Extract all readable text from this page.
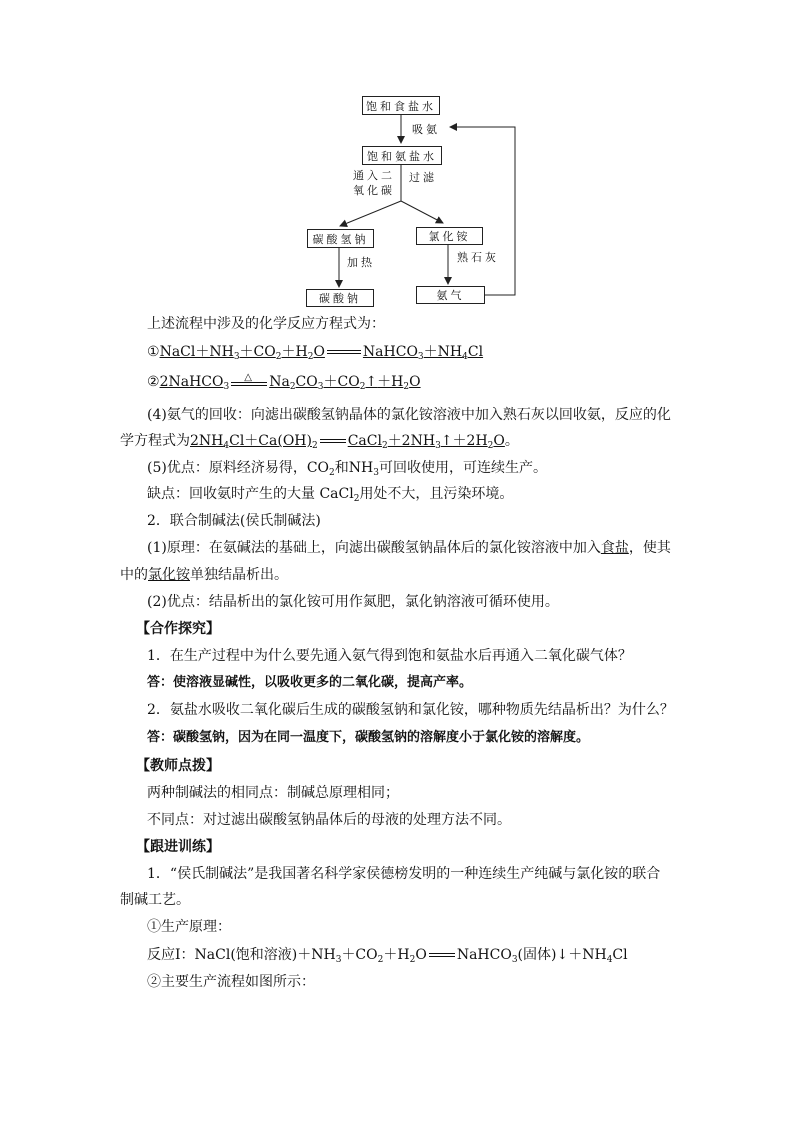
饱和食盐水
吸氨
饱和氨盐水
通入二
氧化碳
过滤
碳酸氢钠	氯化铵
加热	熟石灰
碳酸钠	氨气
上述流程中涉及的化学反应方程式为：
$①NaCl+NH_3+CO_2+H_2O$	$NaHCO_3+NH_4Cl$
②2NaHCO$_3$
△ $Na_2CO_3+CO_2↑+H_2O$
(4)氨气的回收：向滤出碳酸氢钠晶体的氯化铵溶液中加入熟石灰以回收氨，反应的化
学方程式为$2NH_4Cl+Ca(OH)_2$ $CaCl_2+2NH_3↑+2H_2O$。
(5)优点：原料经济易得，$CO_2$和$NH_3$可回收使用，可连续生产。
缺点：回收氨时产生的大量 CaCl$_2$用处不大，且污染环境。
2．联合制碱法(侯氏制碱法)
(1)原理：在氨碱法的基础上，向滤出碳酸氢钠晶体后的氯化铵溶液中加入食盐，使其
中的氯化铵单独结晶析出。
(2)优点：结晶析出的氯化铵可用作氮肥，氯化钠溶液可循环使用。
【合作探究】
1．在生产过程中为什么要先通入氨气得到饱和氨盐水后再通入二氧化碳气体？
答：使溶液显碱性，以吸收更多的二氧化碳，提高产率。
2．氨盐水吸收二氧化碳后生成的碳酸氢钠和氯化铵，哪种物质先结晶析出？为什么？
答：碳酸氢钠，因为在同一温度下，碳酸氢钠的溶解度小于氯化铵的溶解度。
【教师点拨】
两种制碱法的相同点：制碱总原理相同；
不同点：对过滤出碳酸氢钠晶体后的母液的处理方法不同。
【跟进训练】
1．“侯氏制碱法”是我国著名科学家侯德榜发明的一种连续生产纯碱与氯化铵的联合
制碱工艺。
①生产原理：
反应Ⅰ：NaCl(饱和溶液)$+NH_3+CO_2+H_2O$ NaHCO$_3$(固体)$↓+NH_4Cl$
②主要生产流程如图所示：
